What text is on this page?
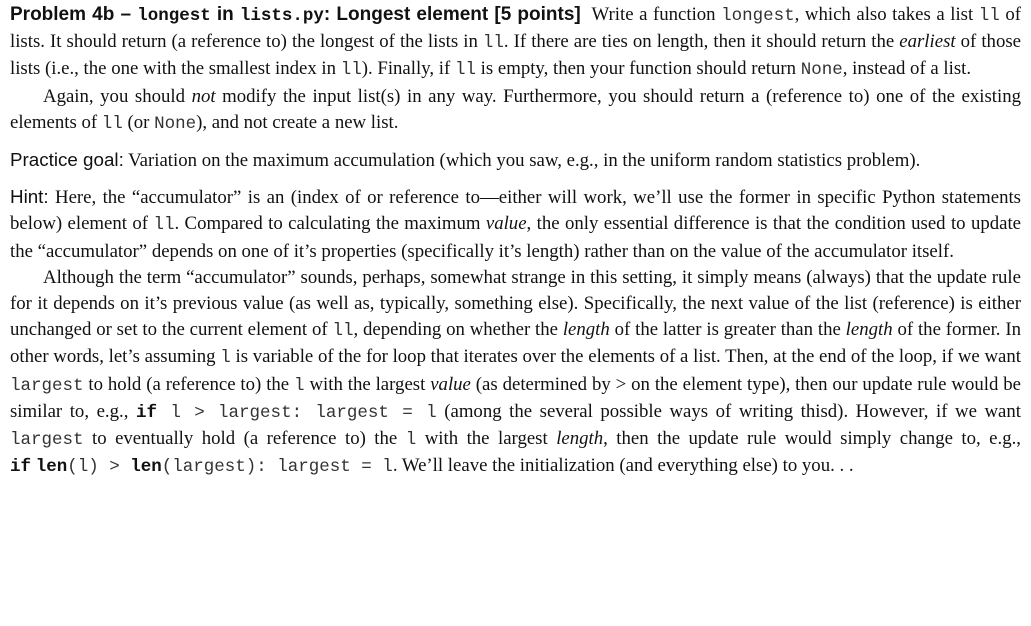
Problem 4b – longest in lists.py: Longest element [5 points] Write a function longest, which also takes a list ll of lists. It should return (a reference to) the longest of the lists in ll. If there are ties on length, then it should return the earliest of those lists (i.e., the one with the smallest index in ll). Finally, if ll is empty, then your function should return None, instead of a list.

Again, you should not modify the input list(s) in any way. Furthermore, you should return a (reference to) one of the existing elements of ll (or None), and not create a new list.

Practice goal: Variation on the maximum accumulation (which you saw, e.g., in the uniform random statistics problem).

Hint: Here, the “accumulator” is an (index of or reference to—either will work, we’ll use the former in specific Python statements below) element of ll. Compared to calculating the maximum value, the only essential difference is that the condition used to update the “accumulator” depends on one of it’s properties (specifically it’s length) rather than on the value of the accumulator itself.

Although the term “accumulator” sounds, perhaps, somewhat strange in this setting, it simply means (always) that the update rule for it depends on it’s previous value (as well as, typically, something else). Specifically, the next value of the list (reference) is either unchanged or set to the current element of ll, depending on whether the length of the latter is greater than the length of the former. In other words, let’s assuming l is variable of the for loop that iterates over the elements of a list. Then, at the end of the loop, if we want largest to hold (a reference to) the l with the largest value (as determined by > on the element type), then our update rule would be similar to, e.g., if l > largest: largest = l (among the several possible ways of writing thisd). However, if we want largest to eventually hold (a reference to) the l with the largest length, then the update rule would simply change to, e.g., if len(l) > len(largest): largest = l. We’ll leave the initialization (and everything else) to you. . .
